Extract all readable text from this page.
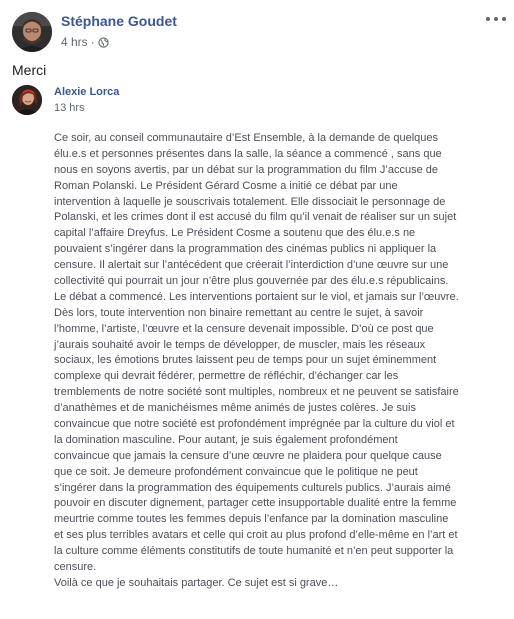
Stéphane Goudet
4 hrs ·
Merci
Alexie Lorca
13 hrs
Ce soir, au conseil communautaire d’Est Ensemble, à la demande de quelques
élu.e.s et personnes présentes dans la salle, la séance a commencé , sans que
nous en soyons avertis, par un débat sur la programmation du film J’accuse de
Roman Polanski. Le Président Gérard Cosme a initié ce débat par une
intervention à laquelle je souscrivais totalement. Elle dissociait le personnage de
Polanski, et les crimes dont il est accusé du film qu’il venait de réaliser sur un sujet
capital l’affaire Dreyfus. Le Président Cosme a soutenu que des élu.e.s ne
pouvaient s’ingérer dans la programmation des cinémas publics ni appliquer la
censure. Il alertait sur l’antécédent que créerait l’interdiction d’une œuvre sur une
collectivité qui pourrait un jour n’être plus gouvernée par des élu.e.s républicains.
Le débat a commencé. Les interventions portaient sur le viol, et jamais sur l’œuvre.
Dès lors, toute intervention non binaire remettant au centre le sujet, à savoir
l’homme, l’artiste, l’œuvre et la censure devenait impossible. D’où ce post que
j’aurais souhaité avoir le temps de développer, de muscler, mais les réseaux
sociaux, les émotions brutes laissent peu de temps pour un sujet éminemment
complexe qui devrait fédérer, permettre de réfléchir, d’échanger car les
tremblements de notre société sont multiples, nombreux et ne peuvent se satisfaire
d’anathèmes et de manichéismes même animés de justes colères. Je suis
convaincue que notre société est profondément imprégnée par la culture du viol et
la domination masculine. Pour autant, je suis également profondément
convaincue que jamais la censure d’une œuvre ne plaidera pour quelque cause
que ce soit. Je demeure profondément convaincue que le politique ne peut
s’ingérer dans la programmation des équipements culturels publics. J’aurais aimé
pouvoir en discuter dignement, partager cette insupportable dualité entre la femme
meurtrie comme toutes les femmes depuis l’enfance par la domination masculine
et ses plus terribles avatars et celle qui croit au plus profond d’elle-même en l’art et
la culture comme éléments constitutifs de toute humanité et n’en peut supporter la
censure.
Voilà ce que je souhaitais partager. Ce sujet est si grave…
